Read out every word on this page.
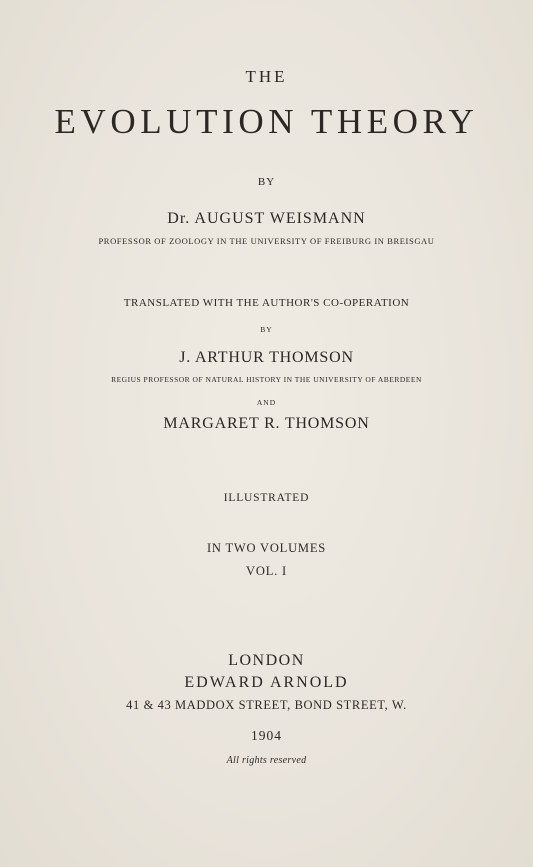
THE
EVOLUTION THEORY
BY
Dr. AUGUST WEISMANN
PROFESSOR OF ZOOLOGY IN THE UNIVERSITY OF FREIBURG IN BREISGAU
TRANSLATED WITH THE AUTHOR'S CO-OPERATION
BY
J. ARTHUR THOMSON
REGIUS PROFESSOR OF NATURAL HISTORY IN THE UNIVERSITY OF ABERDEEN
AND
MARGARET R. THOMSON
ILLUSTRATED
IN TWO VOLUMES
VOL. I
LONDON
EDWARD ARNOLD
41 & 43 MADDOX STREET, BOND STREET, W.
1904
All rights reserved
